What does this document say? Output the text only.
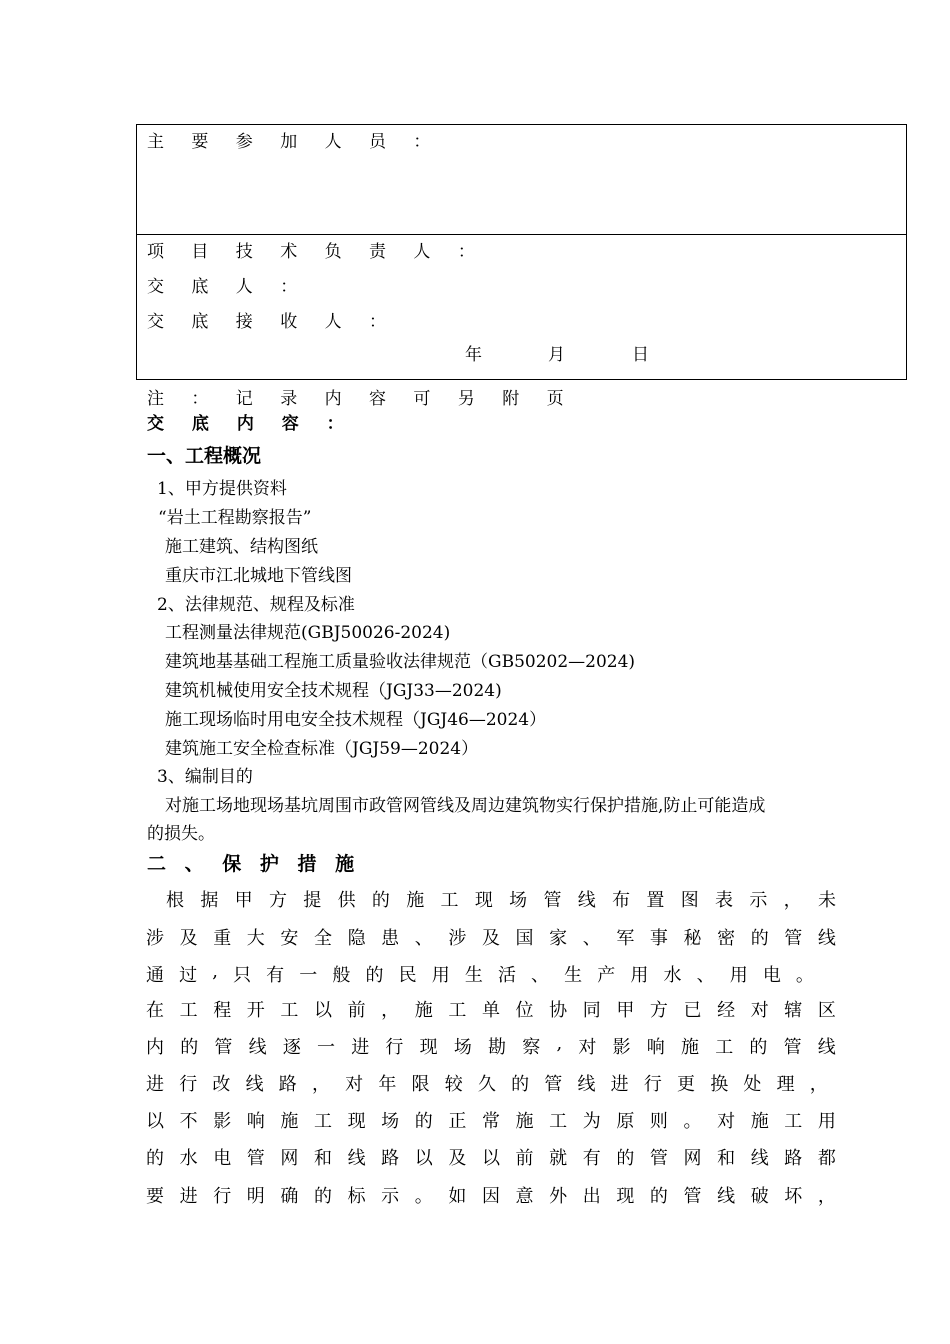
主 要 参 加 人 员 ：
项 目 技 术 负 责 人 ：
交 底 人 ：
交 底 接 收 人 ：
年	月	日
注 ： 记 录 内 容 可 另 附 页
交 底 内 容 ：
一、工程概况
1、甲方提供资料
“岩土工程勘察报告”
施工建筑、结构图纸
重庆市江北城地下管线图
2、法律规范、规程及标准
工程测量法律规范(GBJ50026-2024)
建筑地基基础工程施工质量验收法律规范（GB50202—2024)
建筑机械使用安全技术规程（JGJ33—2024)
施工现场临时用电安全技术规程（JGJ46—2024）
建筑施工安全检查标准（JGJ59—2024）
3、编制目的
对施工场地现场基坑周围市政管网管线及周边建筑物实行保护措施,防止可能造成
的损失。
二 、 保 护 措 施
根 据 甲 方 提 供 的 施 工 现 场 管 线 布 置 图 表 示 ， 未
涉 及 重 大 安 全 隐 患 、 涉 及 国 家 、 军 事 秘 密 的 管 线
通 过 , 只 有 一 般 的 民 用 生 活 、 生 产 用 水 、 用 电 。
在 工 程 开 工 以 前 ， 施 工 单 位 协 同 甲 方 已 经 对 辖 区
内 的 管 线 逐 一 进 行 现 场 勘 察 , 对 影 响 施 工 的 管 线
进 行 改 线 路 ， 对 年 限 较 久 的 管 线 进 行 更 换 处 理 ，
以 不 影 响 施 工 现 场 的 正 常 施 工 为 原 则 。 对 施 工 用
的 水 电 管 网 和 线 路 以 及 以 前 就 有 的 管 网 和 线 路 都
要 进 行 明 确 的 标 示 。 如 因 意 外 出 现 的 管 线 破 坏 ，
